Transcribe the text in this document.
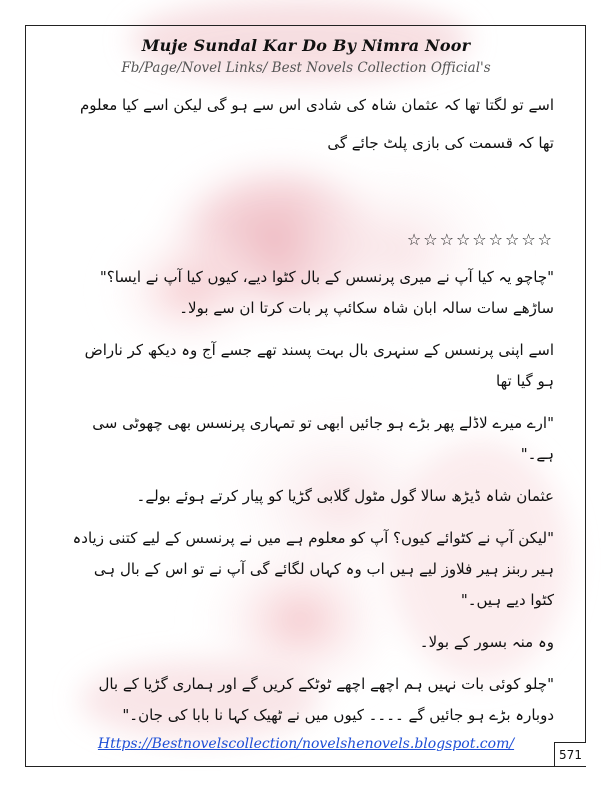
Muje Sundal Kar Do By Nimra Noor
Fb/Page/Novel Links/ Best Novels Collection Official's

اسے تو لگتا تھا کہ عثمان شاہ کی شادی اس سے ہو گی لیکن اسے کیا معلوم تھا کہ قسمت کی بازی پلٹ جائے گی

☆☆☆☆☆☆☆☆☆

"چاچو یہ کیا آپ نے میری پرنسس کے بال کٹوا دیے، کیوں کیا آپ نے ایسا؟" ساڑھے سات سالہ ابان شاہ سکائپ پر بات کرتا ان سے بولا۔

اسے اپنی پرنسس کے سنہری بال بہت پسند تھے جسے آج وہ دیکھ کر ناراض ہو گیا تھا

"ارے میرے لاڈلے پھر بڑے ہو جائیں ابھی تو تمہاری پرنسس بھی چھوٹی سی ہے۔"

عثمان شاہ ڈیڑھ سالا گول مٹول گلابی گڑیا کو پیار کرتے ہوئے بولے۔

"لیکن آپ نے کٹوائے کیوں؟ آپ کو معلوم ہے میں نے پرنسس کے لیے کتنی زیادہ ہیر ربنز ہیر فلاوز لیے ہیں اب وہ کہاں لگائے گی آپ نے تو اس کے بال ہی کٹوا دیے ہیں۔"

وہ منہ بسور کے بولا۔

"چلو کوئی بات نہیں ہم اچھے اچھے ٹوٹکے کریں گے اور ہماری گڑیا کے بال دوبارہ بڑے ہو جائیں گے ۔۔۔۔ کیوں میں نے ٹھیک کہا نا بابا کی جان۔"

Https://Bestnovelscollection/novelshenovels.blogspot.com/
571
